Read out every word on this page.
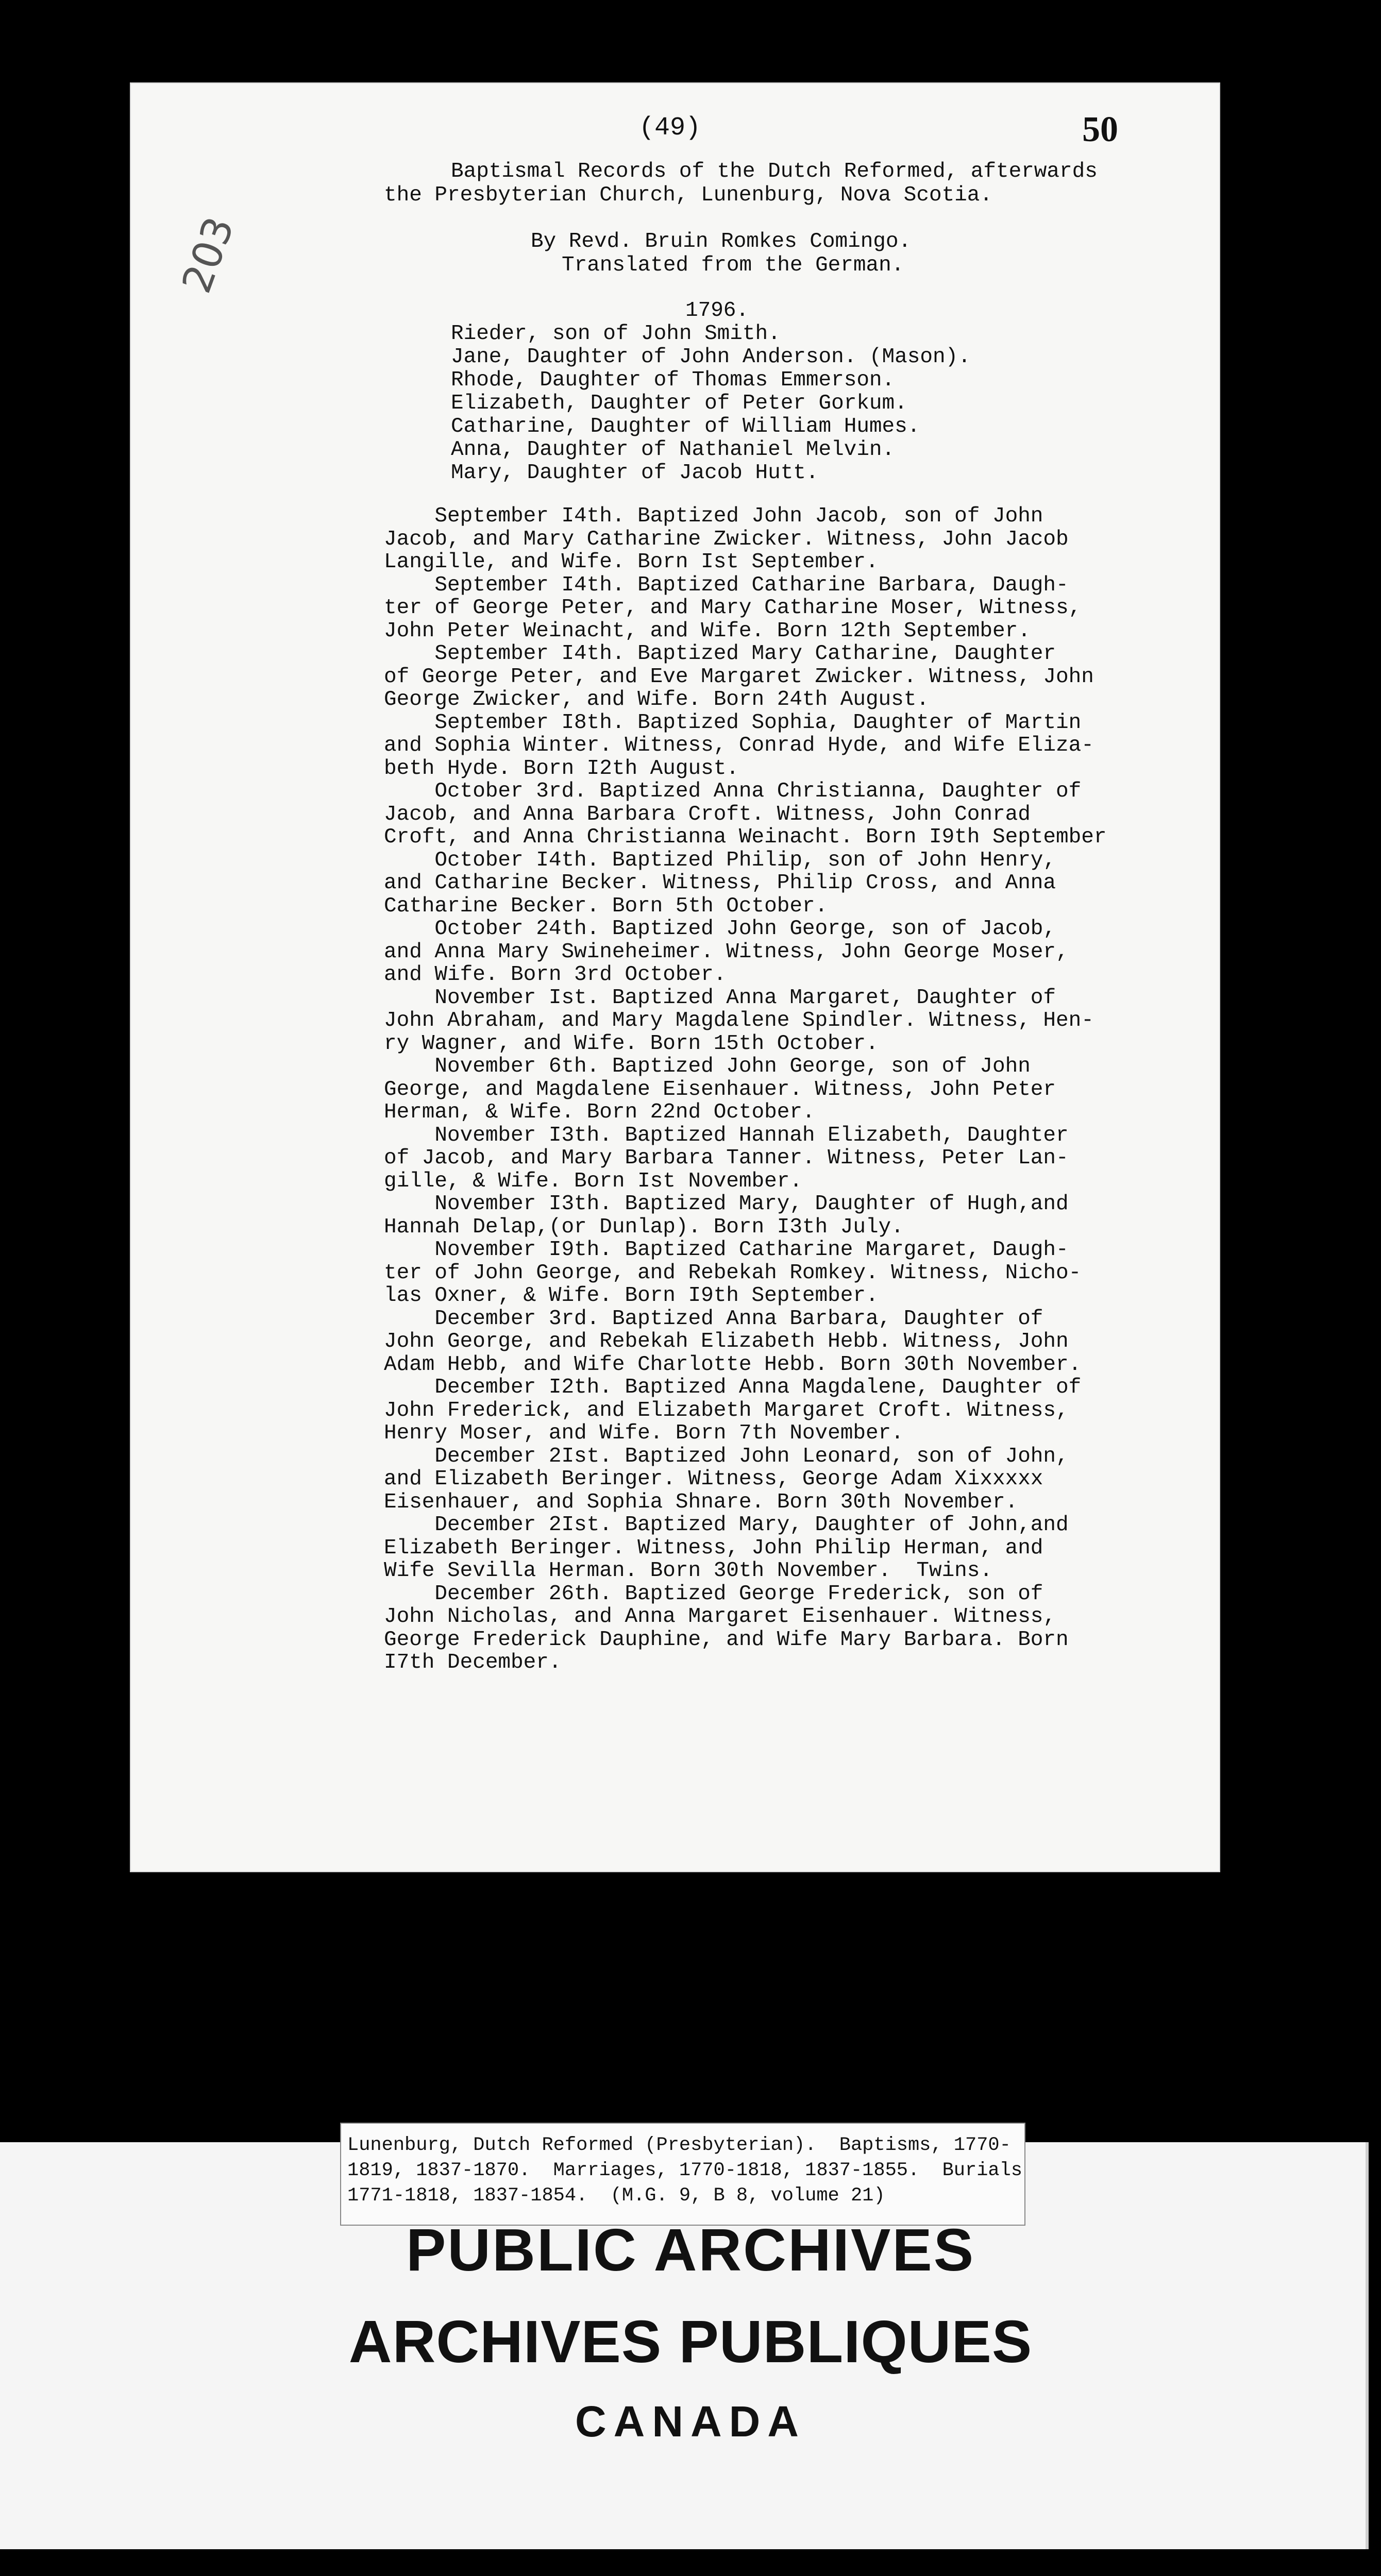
(49)	50
203
Baptismal Records of the Dutch Reformed, afterwards
the Presbyterian Church, Lunenburg, Nova Scotia.
By Revd. Bruin Romkes Comingo.
Translated from the German.
1796.
Rieder, son of John Smith.
Jane, Daughter of John Anderson. (Mason).
Rhode, Daughter of Thomas Emmerson.
Elizabeth, Daughter of Peter Gorkum.
Catharine, Daughter of William Humes.
Anna, Daughter of Nathaniel Melvin.
Mary, Daughter of Jacob Hutt.
September I4th. Baptized John Jacob, son of John
Jacob, and Mary Catharine Zwicker. Witness, John Jacob
Langille, and Wife. Born Ist September.
September I4th. Baptized Catharine Barbara, Daugh-
ter of George Peter, and Mary Catharine Moser, Witness,
John Peter Weinacht, and Wife. Born 12th September.
September I4th. Baptized Mary Catharine, Daughter
of George Peter, and Eve Margaret Zwicker. Witness, John
George Zwicker, and Wife. Born 24th August.
September I8th. Baptized Sophia, Daughter of Martin
and Sophia Winter. Witness, Conrad Hyde, and Wife Eliza-
beth Hyde. Born I2th August.
October 3rd. Baptized Anna Christianna, Daughter of
Jacob, and Anna Barbara Croft. Witness, John Conrad
Croft, and Anna Christianna Weinacht. Born I9th September
October I4th. Baptized Philip, son of John Henry,
and Catharine Becker. Witness, Philip Cross, and Anna
Catharine Becker. Born 5th October.
October 24th. Baptized John George, son of Jacob,
and Anna Mary Swineheimer. Witness, John George Moser,
and Wife. Born 3rd October.
November Ist. Baptized Anna Margaret, Daughter of
John Abraham, and Mary Magdalene Spindler. Witness, Hen-
ry Wagner, and Wife. Born 15th October.
November 6th. Baptized John George, son of John
George, and Magdalene Eisenhauer. Witness, John Peter
Herman, & Wife. Born 22nd October.
November I3th. Baptized Hannah Elizabeth, Daughter
of Jacob, and Mary Barbara Tanner. Witness, Peter Lan-
gille, & Wife. Born Ist November.
November I3th. Baptized Mary, Daughter of Hugh,and
Hannah Delap,(or Dunlap). Born I3th July.
November I9th. Baptized Catharine Margaret, Daugh-
ter of John George, and Rebekah Romkey. Witness, Nicho-
las Oxner, & Wife. Born I9th September.
December 3rd. Baptized Anna Barbara, Daughter of
John George, and Rebekah Elizabeth Hebb. Witness, John
Adam Hebb, and Wife Charlotte Hebb. Born 30th November.
December I2th. Baptized Anna Magdalene, Daughter of
John Frederick, and Elizabeth Margaret Croft. Witness,
Henry Moser, and Wife. Born 7th November.
December 2Ist. Baptized John Leonard, son of John,
and Elizabeth Beringer. Witness, George Adam Xixxxxx
Eisenhauer, and Sophia Shnare. Born 30th November.
December 2Ist. Baptized Mary, Daughter of John,and
Elizabeth Beringer. Witness, John Philip Herman, and
Wife Sevilla Herman. Born 30th November.  Twins.
December 26th. Baptized George Frederick, son of
John Nicholas, and Anna Margaret Eisenhauer. Witness,
George Frederick Dauphine, and Wife Mary Barbara. Born
I7th December.
Lunenburg, Dutch Reformed (Presbyterian).  Baptisms, 1770-
1819, 1837-1870.  Marriages, 1770-1818, 1837-1855.  Burials
1771-1818, 1837-1854.  (M.G. 9, B 8, volume 21)
PUBLIC ARCHIVES
ARCHIVES PUBLIQUES
CANADA
